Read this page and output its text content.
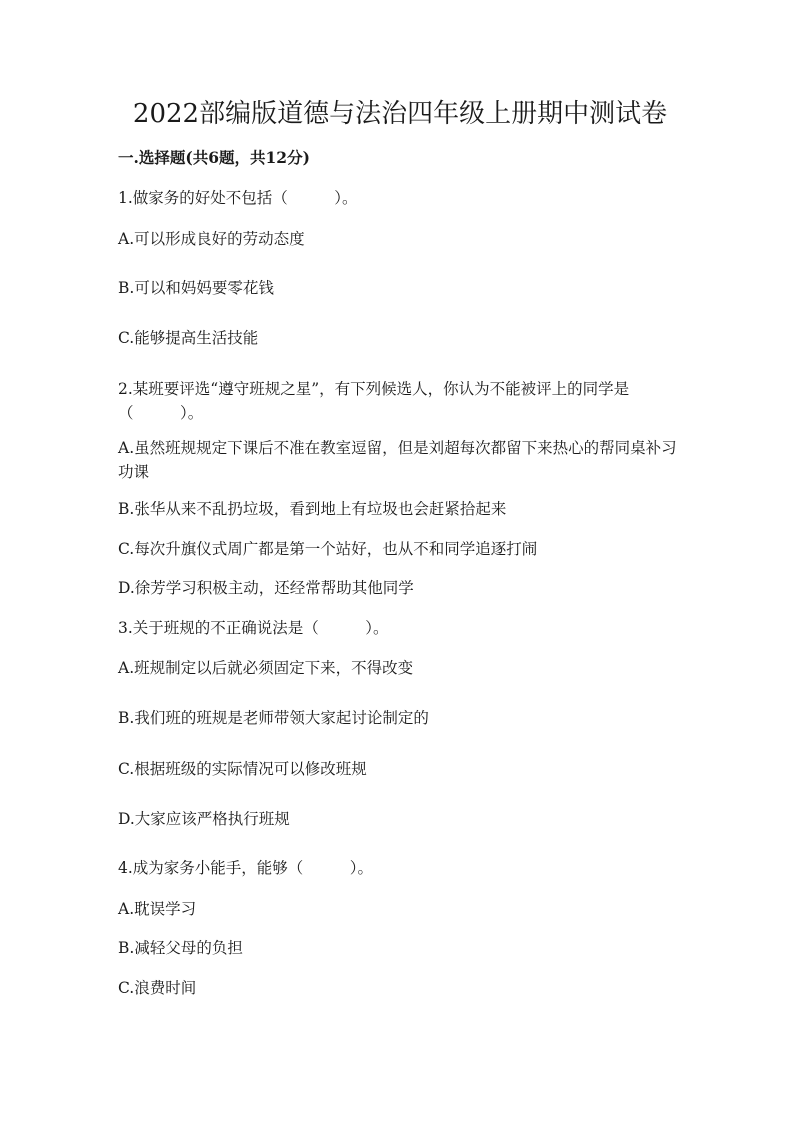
2022部编版道德与法治四年级上册期中测试卷
一.选择题(共6题，共12分)
1.做家务的好处不包括（　　　）。
A.可以形成良好的劳动态度
B.可以和妈妈要零花钱
C.能够提高生活技能
2.某班要评选“遵守班规之星”，有下列候选人，你认为不能被评上的同学是（　　　）。
A.虽然班规规定下课后不准在教室逗留，但是刘超每次都留下来热心的帮同桌补习功课
B.张华从来不乱扔垃圾，看到地上有垃圾也会赶紧拾起来
C.每次升旗仪式周广都是第一个站好，也从不和同学追逐打闹
D.徐芳学习积极主动，还经常帮助其他同学
3.关于班规的不正确说法是（　　　）。
A.班规制定以后就必须固定下来，不得改变
B.我们班的班规是老师带领大家起讨论制定的
C.根据班级的实际情况可以修改班规
D.大家应该严格执行班规
4.成为家务小能手，能够（　　　）。
A.耽误学习
B.减轻父母的负担
C.浪费时间
